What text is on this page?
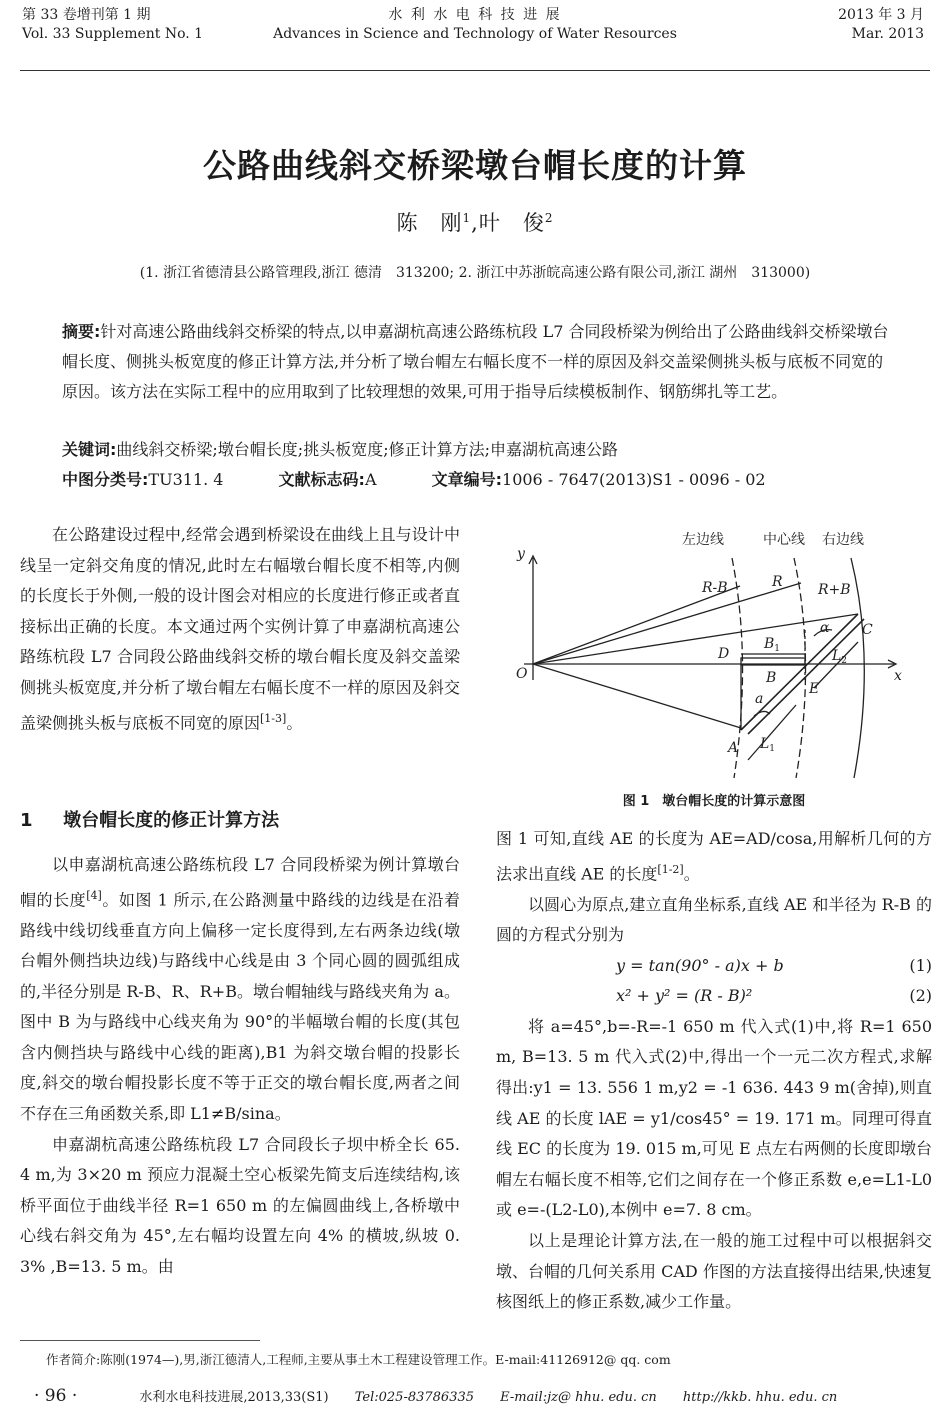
第 33 卷增刊第 1 期
Vol. 33 Supplement No. 1
水 利 水 电 科 技 进 展
Advances in Science and Technology of Water Resources
2013 年 3 月
Mar. 2013
公路曲线斜交桥梁墩台帽长度的计算
陈　刚$^1$,叶　俊$^2$
(1. 浙江省德清县公路管理段,浙江 德清　313200; 2. 浙江中苏浙皖高速公路有限公司,浙江 湖州　313000)
摘要:针对高速公路曲线斜交桥梁的特点,以申嘉湖杭高速公路练杭段 L7 合同段桥梁为例给出了公路曲线斜交桥梁墩台帽长度、侧挑头板宽度的修正计算方法,并分析了墩台帽左右幅长度不一样的原因及斜交盖梁侧挑头板与底板不同宽的原因。该方法在实际工程中的应用取到了比较理想的效果,可用于指导后续模板制作、钢筋绑扎等工艺。
关键词:曲线斜交桥梁;墩台帽长度;挑头板宽度;修正计算方法;申嘉湖杭高速公路
中图分类号:TU311. 4	文献标志码:A	文章编号:1006 - 7647(2013)S1 - 0096 - 02

在公路建设过程中,经常会遇到桥梁设在曲线上且与设计中线呈一定斜交角度的情况,此时左右幅墩台帽长度不相等,内侧的长度长于外侧,一般的设计图会对相应的长度进行修正或者直接标出正确的长度。本文通过两个实例计算了申嘉湖杭高速公路练杭段 L7 合同段公路曲线斜交桥的墩台帽长度及斜交盖梁侧挑头板宽度,并分析了墩台帽左右幅长度不一样的原因及斜交盖梁侧挑头板与底板不同宽的原因[1-3]。

1 墩台帽长度的修正计算方法

以申嘉湖杭高速公路练杭段 L7 合同段桥梁为例计算墩台帽的长度[4]。如图 1 所示,在公路测量中路线的边线是在沿着路线中线切线垂直方向上偏移一定长度得到,左右两条边线(墩台帽外侧挡块边线)与路线中心线是由 3 个同心圆的圆弧组成的,半径分别是 R-B、R、R+B。墩台帽轴线与路线夹角为 a。图中 B 为与路线中心线夹角为 90°的半幅墩台帽的长度(其包含内侧挡块与路线中心线的距离),B1 为斜交墩台帽的投影长度,斜交的墩台帽投影长度不等于正交的墩台帽长度,两者之间不存在三角函数关系,即 L1≠B/sina。

申嘉湖杭高速公路练杭段 L7 合同段长子坝中桥全长 65. 4 m,为 3×20 m 预应力混凝土空心板梁先简支后连续结构,该桥平面位于曲线半径 R=1 650 m 的左偏圆曲线上,各桥墩中心线右斜交角为 45°,左右幅均设置左向 4% 的横坡,纵坡 0. 3% ,B=13. 5 m。由

左边线	中心线 右边线
y
x
O
R-B	R	R+B
A
C
D
E
$B_1$
B
$L_1$
$L_2$
α
a
图 1　墩台帽长度的计算示意图

图 1 可知,直线 AE 的长度为 AE=AD/cosa,用解析几何的方法求出直线 AE 的长度[1-2]。

以圆心为原点,建立直角坐标系,直线 AE 和半径为 R-B 的圆的方程式分别为

y = tan(90° - a)x + b	(1)
x² + y² = (R - B)²	(2)

将 a=45°,b=-R=-1 650 m 代入式(1)中,将 R=1 650 m, B=13. 5 m 代入式(2)中,得出一个一元二次方程式,求解得出:y1 = 13. 556 1 m,y2 = -1 636. 443 9 m(舍掉),则直线 AE 的长度 lAE = y1/cos45° = 19. 171 m。同理可得直线 EC 的长度为 19. 015 m,可见 E 点左右两侧的长度即墩台帽左右幅长度不相等,它们之间存在一个修正系数 e,e=L1-L0 或 e=-(L2-L0),本例中 e=7. 8 cm。

以上是理论计算方法,在一般的施工过程中可以根据斜交墩、台帽的几何关系用 CAD 作图的方法直接得出结果,快速复核图纸上的修正系数,减少工作量。

作者简介:陈刚(1974—),男,浙江德清人,工程师,主要从事土木工程建设管理工作。E-mail:41126912@ qq. com
· 96 ·	水利水电科技进展,2013,33(S1) Tel:025-83786335 E-mail:jz@ hhu. edu. cn http://kkb. hhu. edu. cn
